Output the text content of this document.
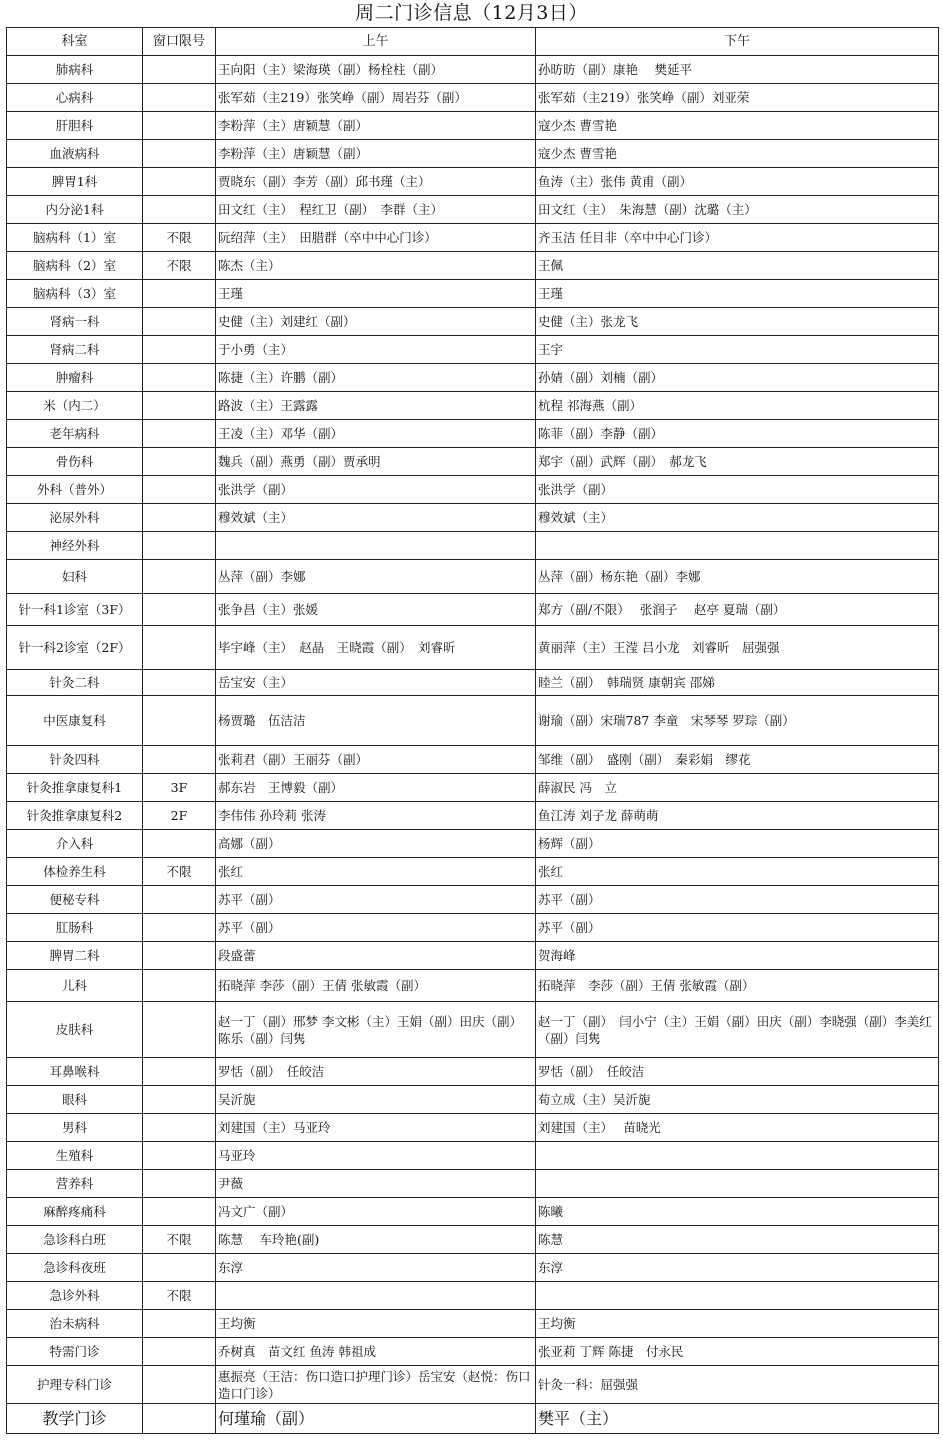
周二门诊信息（12月3日）
科室	窗口限号	上午	下午
肺病科		王向阳（主）梁海瑛（副）杨栓柱（副）	孙昉昉（副）康艳　 樊延平
心病科		张军茹（主219）张笑峥（副）周岩芬（副）	张军茹（主219）张笑峥（副）刘亚荣
肝胆科		李粉萍（主）唐颖慧（副）	寇少杰 曹雪艳
血液病科		李粉萍（主）唐颖慧（副）	寇少杰 曹雪艳
脾胃1科		贾晓东（副）李芳（副）邱书瑾（主）	鱼涛（主）张伟 黄甫（副）
内分泌1科		田文红（主）　程红卫（副）　李群（主）	田文红（主）　朱海慧（副）沈璐（主）
脑病科（1）室	不限	阮绍萍（主）　田腊群（卒中中心门诊）	齐玉洁 任目非（卒中中心门诊）
脑病科（2）室	不限	陈杰（主）	王佩
脑病科（3）室		王瑾	王瑾
肾病一科		史健（主）刘建红（副）	史健（主）张龙飞
肾病二科		于小勇（主）	王宇
肿瘤科		陈捷（主）许鹏（副）	孙婧（副）刘楠（副）
米（内二）		路波（主）王露露	杭程 祁海燕（副）
老年病科		王凌（主）邓华（副）	陈菲（副）李静（副）
骨伤科		魏兵（副）燕勇（副）贾承明	郑宇（副）武辉（副）　郝龙飞
外科（普外）		张洪学（副）	张洪学（副）
泌尿外科		穆效斌（主）	穆效斌（主）
神经外科			
妇科		丛萍（副）李娜	丛萍（副）杨东艳（副）李娜
针一科1诊室（3F）		张争昌（主）张媛	郑方（副/不限）　 张润子　 赵亭 夏瑞（副）
针一科2诊室（2F）		毕宇峰（主）　赵晶　王晓霞（副）　刘睿昕	黄丽萍（主）王滢 吕小龙　刘睿昕　屈强强
针灸二科		岳宝安（主）	睦兰（副）　韩瑞贤 康朝宾 邵娣
中医康复科		杨贾璐　伍洁洁	谢瑜（副）宋瑞787 李童　宋琴琴 罗琮（副）
针灸四科		张莉君（副）王丽芬（副）	邹维（副）　盛刚（副）　秦彩娟　缪花
针灸推拿康复科1	3F	郝东岩　王博毅（副）	薛淑民 冯　立
针灸推拿康复科2	2F	李伟伟 孙玲莉 张涛	鱼江涛 刘子龙 薛萌萌
介入科		高娜（副）	杨辉（副）
体检养生科	不限	张红	张红
便秘专科		苏平（副）	苏平（副）
肛肠科		苏平（副）	苏平（副）
脾胃二科		段盛蕾	贺海峰
儿科		拓晓萍 李莎（副）王倩 张敏霞（副）	拓晓萍　李莎（副）王倩 张敏霞（副）
皮肤科		赵一丁（副）邢梦 李文彬（主）王娟（副）田庆（副）陈乐（副）闫隽	赵一丁（副）　闫小宁（主）王娟（副）田庆（副）李晓强（副）李美红（副）闫隽
耳鼻喉科		罗恬（副）　任皎洁	罗恬（副）　任皎洁
眼科		吴沂旎	荀立成（主）吴沂旎
男科		刘建国（主）马亚玲	刘建国（主）　 苗晓光
生殖科		马亚玲	
营养科		尹薇	
麻醉疼痛科		冯文广（副）	陈曦
急诊科白班	不限	陈慧　 车玲艳(副)	陈慧
急诊科夜班		东淳	东淳
急诊外科	不限		
治未病科		王均衡	王均衡
特需门诊		乔树真　苗文红 鱼涛 韩祖成	张亚莉 丁辉 陈捷　付永民
护理专科门诊		惠振亮（王洁：伤口造口护理门诊）岳宝安（赵悦：伤口造口门诊）	针灸一科：屈强强
教学门诊		何瑾瑜（副）	樊平（主）
